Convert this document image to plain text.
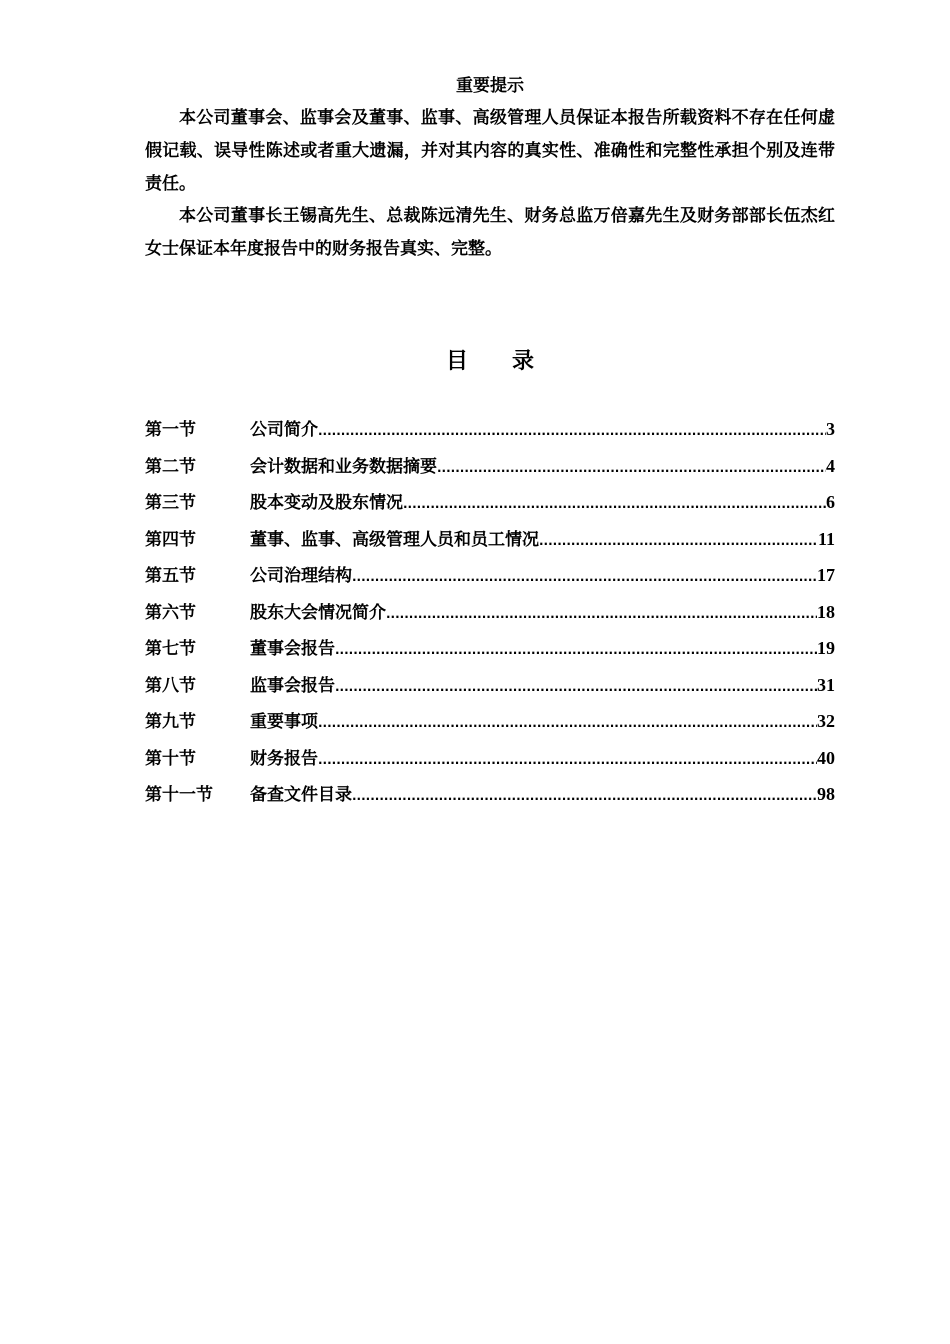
重要提示

本公司董事会、监事会及董事、监事、高级管理人员保证本报告所载资料不存在任何虚假记载、误导性陈述或者重大遗漏，并对其内容的真实性、准确性和完整性承担个别及连带责任。

本公司董事长王锡高先生、总裁陈远清先生、财务总监万倍嘉先生及财务部部长伍杰红女士保证本年度报告中的财务报告真实、完整。

目录
第一节	公司简介 .....	3
第二节	会计数据和业务数据摘要 .....	4
第三节	股本变动及股东情况 .....	6
第四节	董事、监事、高级管理人员和员工情况 .....	11
第五节	公司治理结构 .....	17
第六节	股东大会情况简介 .....	18
第七节	董事会报告 .....	19
第八节	监事会报告 .....	31
第九节	重要事项 .....	32
第十节	财务报告 .....	40
第十一节	备查文件目录 .....	98
